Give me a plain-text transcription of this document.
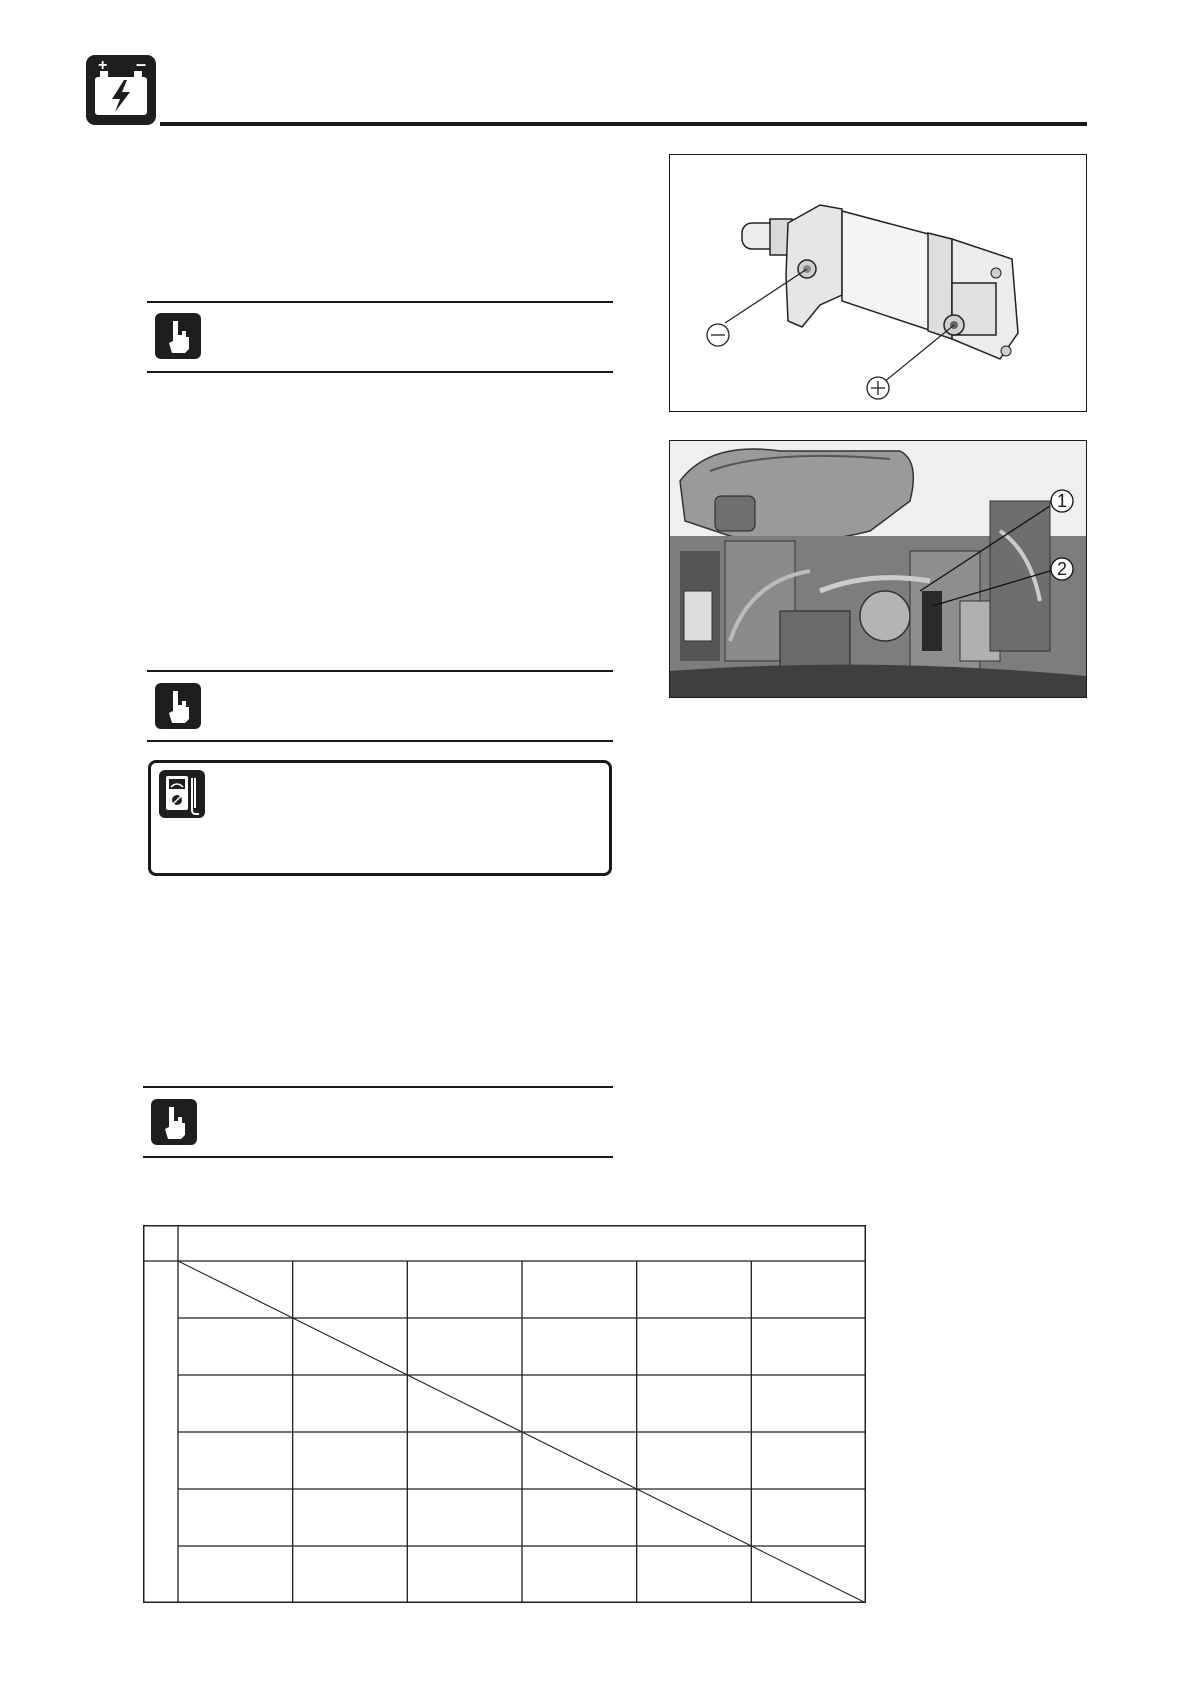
+ –
1
2
